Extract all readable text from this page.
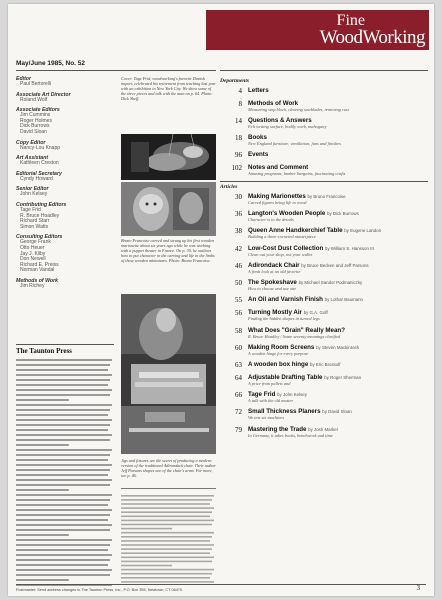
Fine
WoodWorking
May/June 1985, No. 52
Editor
Paul Bertorelli
Associate Art Director
Roland Wolf
Associate Editors
Jim Cummins
Roger Holmes
Dick Burrows
David Sloan
Copy Editor
Nancy-Lou Knapp
Art Assistant
Kathleen Creston
Editorial Secretary
Cyndy Howard
Senior Editor
John Kelsey
Contributing Editors
Tage Frid
R. Bruce Hoadley
Richard Starr
Simon Watts
Consulting Editors
George Frank
Otto Heuer
Jay J. Kilby
Don Newell
Richard E. Preiss
Norman Vandal
Methods of Work
Jim Richey
The Taunton Press
Cover: Tage Frid, woodworking's favorite Danish import, celebrated his retirement from teaching last year with an exhibition in New York City. We show some of the three pieces and talk with the man on p. 64. Photo: Dick Sheff.
Bruno Francoise carved and strung up his first wooden marionette about six years ago while he was working with a puppet theater in France. On p. 30, he outlines how to put character in the carving and life in the limbs of these wooden miniatures. Photo: Bruno Francoise.
Jigs and fixtures are the secret of producing a modern version of the traditional Adirondack chair. Their author Jeff Parsons shapes one of the chair's arms. For more, see p. 46.
Departments
4 Letters
8 Methods of Work
Measuring stop block, clearing sawblades, removing rust
14 Questions & Answers
Felt writing surface, bodily work, mahogany
18 Books
New England furniture, ventilation, fans and finishes
96 Events
102 Notes and Comment
Amusing programs, lumber bargains, fascinating crafts
Articles
30 Making Marionettes by Bruno Francoise
Carved figures bring life to wood
36 Langton's Wooden People by Dick Burrows
Character is in the details
38 Queen Anne Handkerchief Table by Eugene Landon
Building a three-cornered masterpiece
42 Low-Cost Dust Collection by William S. Hansson III
Clean out your shop, not your wallet
46 Adirondack Chair by Bruce Becken and Jeff Parsons
A fresh look at an old favorite
50 The Spokeshave by Michael Sandor Podmaniczky
How to choose and use one
55 An Oil and Varnish Finish by Lothar Baumann
56 Turning Mostly Air by G.A. Goff
Finding the hidden shapes in turned legs
58 What Does "Grain" Really Mean?
R. Bruce Hoadley / Some seventy meanings clarified
60 Making Room Screens by Steven Mackintosh
A wooden hinge for every purpose
63 A wooden box hinge by Eric Brossolf
64 Adjustable Drafting Table by Roger Sherman
A price from pallets and
66 Tage Frid by John Kelsey
A talk with the old master
72 Small Thickness Planers by David Sloan
We test six machines
79 Mastering the Trade by Josh Markel
In Germany, it takes books, benchwork and time
Postmaster: Send address changes to The Taunton Press, Inc., P.O. Box 355, Newtown, CT 06470.	3
